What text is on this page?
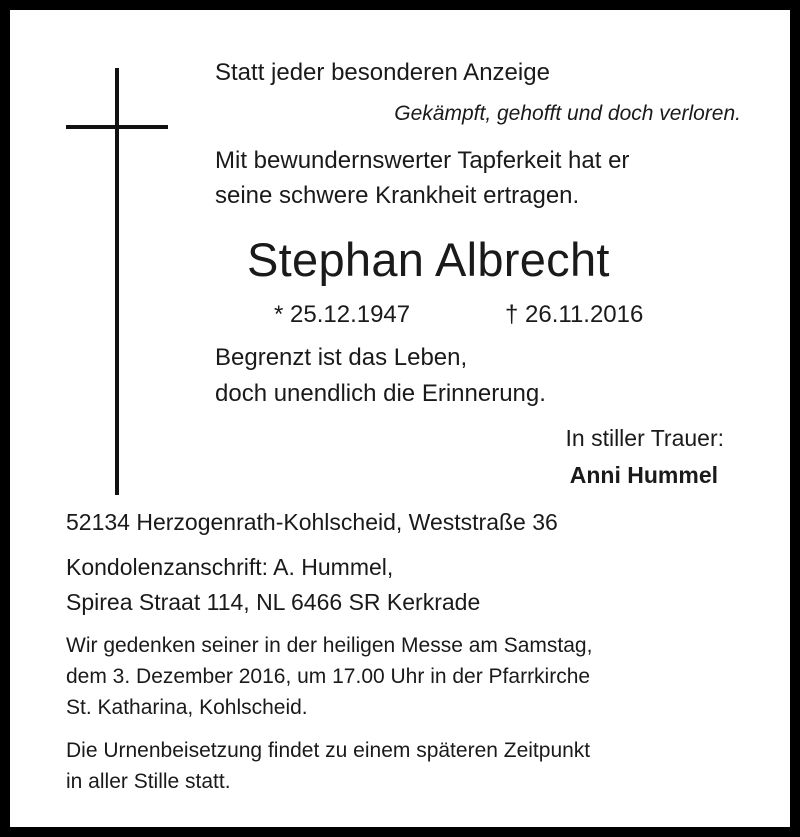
Statt jeder besonderen Anzeige
Gekämpft, gehofft und doch verloren.
Mit bewundernswerter Tapferkeit hat er
seine schwere Krankheit ertragen.
Stephan Albrecht
* 25.12.1947	† 26.11.2016
Begrenzt ist das Leben,
doch unendlich die Erinnerung.
In stiller Trauer:
Anni Hummel
52134 Herzogenrath-Kohlscheid, Weststraße 36
Kondolenzanschrift: A. Hummel,
Spirea Straat 114, NL 6466 SR Kerkrade
Wir gedenken seiner in der heiligen Messe am Samstag,
dem 3. Dezember 2016, um 17.00 Uhr in der Pfarrkirche
St. Katharina, Kohlscheid.
Die Urnenbeisetzung findet zu einem späteren Zeitpunkt
in aller Stille statt.
